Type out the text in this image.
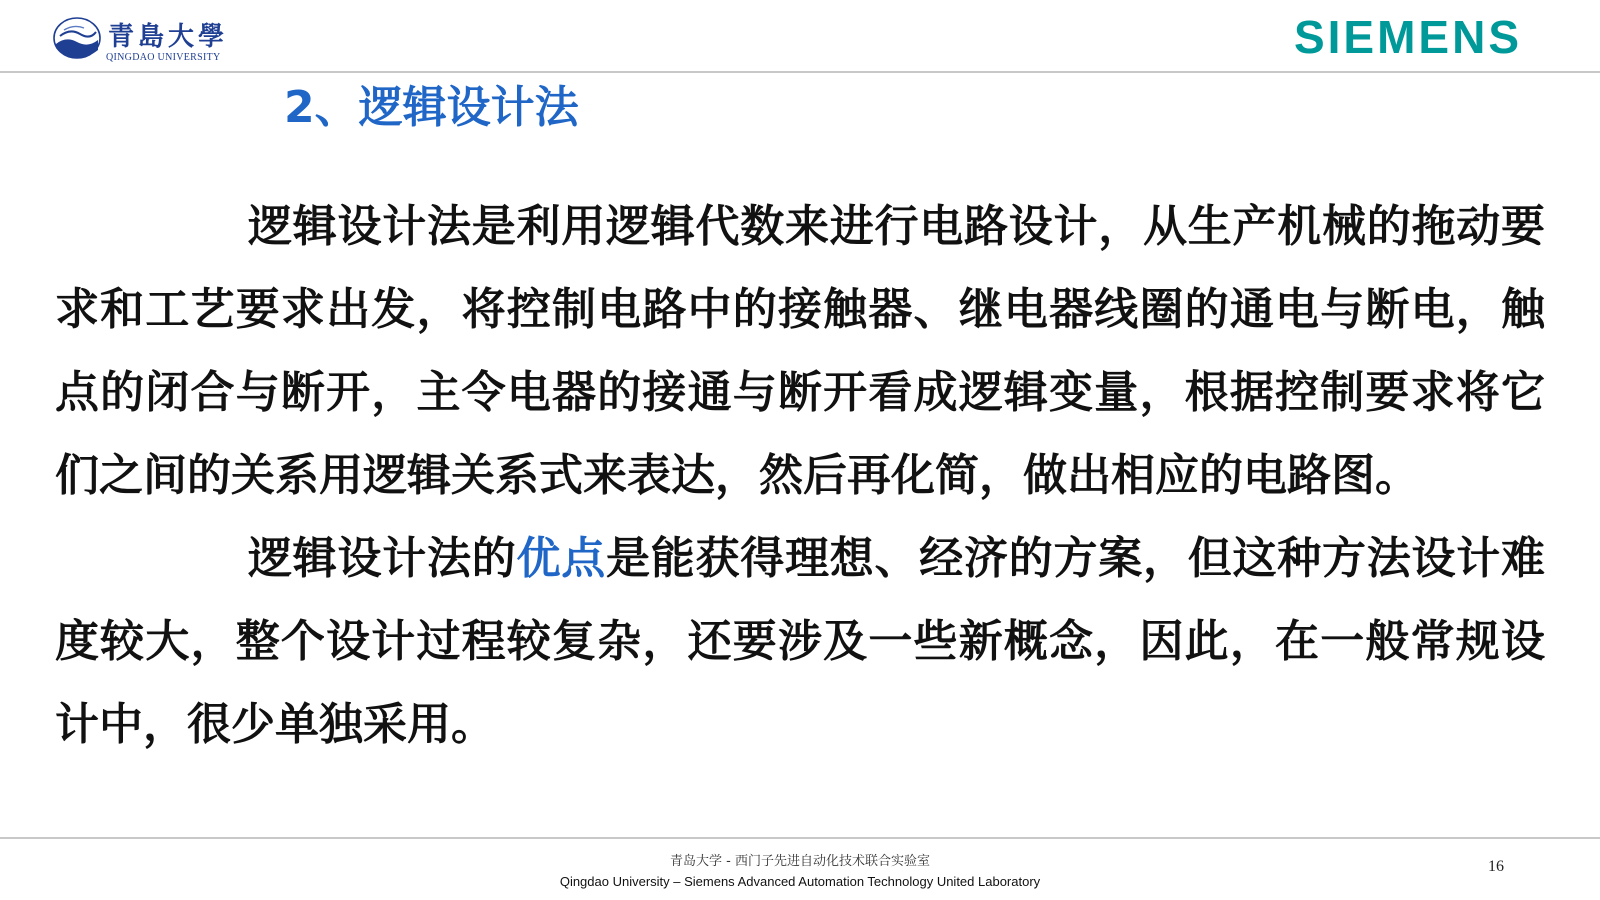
青島大學
QINGDAO UNIVERSITY	SIEMENS
2、逻辑设计法

逻辑设计法是利用逻辑代数来进行电路设计，从生产机械的拖动要求和工艺要求出发，将控制电路中的接触器、继电器线圈的通电与断电，触点的闭合与断开，主令电器的接通与断开看成逻辑变量，根据控制要求将它们之间的关系用逻辑关系式来表达，然后再化简，做出相应的电路图。

逻辑设计法的优点是能获得理想、经济的方案，但这种方法设计难度较大，整个设计过程较复杂，还要涉及一些新概念，因此，在一般常规设计中，很少单独采用。

青岛大学 - 西门子先进自动化技术联合实验室
Qingdao University – Siemens Advanced Automation Technology United Laboratory
16
